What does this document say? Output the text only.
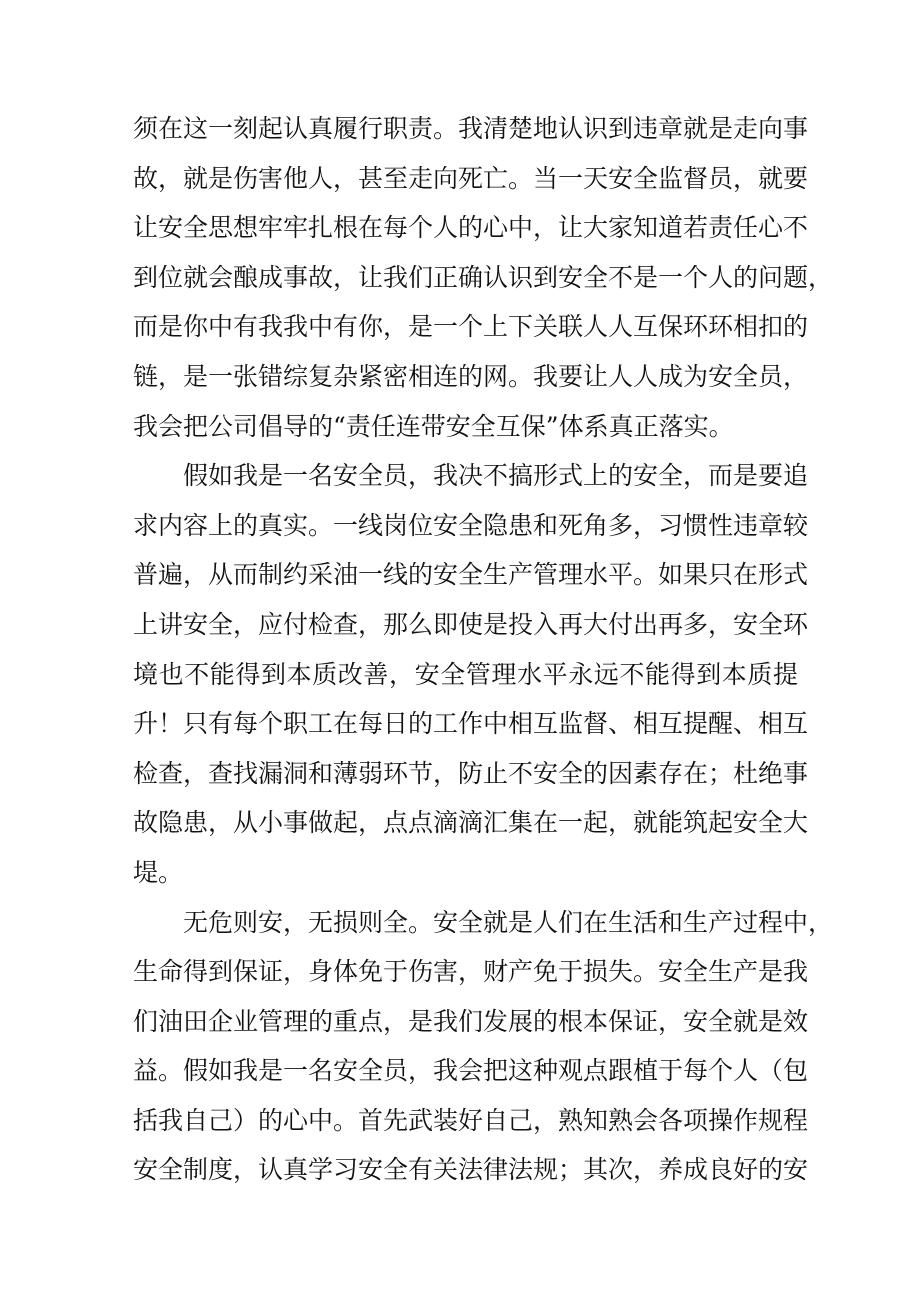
须在这一刻起认真履行职责。我清楚地认识到违章就是走向事
故，就是伤害他人，甚至走向死亡。当一天安全监督员，就要
让安全思想牢牢扎根在每个人的心中，让大家知道若责任心不
到位就会酿成事故，让我们正确认识到安全不是一个人的问题，
而是你中有我我中有你，是一个上下关联人人互保环环相扣的
链，是一张错综复杂紧密相连的网。我要让人人成为安全员，
我会把公司倡导的“责任连带安全互保”体系真正落实。
假如我是一名安全员，我决不搞形式上的安全，而是要追
求内容上的真实。一线岗位安全隐患和死角多，习惯性违章较
普遍，从而制约采油一线的安全生产管理水平。如果只在形式
上讲安全，应付检查，那么即使是投入再大付出再多，安全环
境也不能得到本质改善，安全管理水平永远不能得到本质提
升！只有每个职工在每日的工作中相互监督、相互提醒、相互
检查，查找漏洞和薄弱环节，防止不安全的因素存在；杜绝事
故隐患，从小事做起，点点滴滴汇集在一起，就能筑起安全大
堤。
无危则安，无损则全。安全就是人们在生活和生产过程中，
生命得到保证，身体免于伤害，财产免于损失。安全生产是我
们油田企业管理的重点，是我们发展的根本保证，安全就是效
益。假如我是一名安全员，我会把这种观点跟植于每个人（包
括我自己）的心中。首先武装好自己，熟知熟会各项操作规程
安全制度，认真学习安全有关法律法规；其次，养成良好的安
